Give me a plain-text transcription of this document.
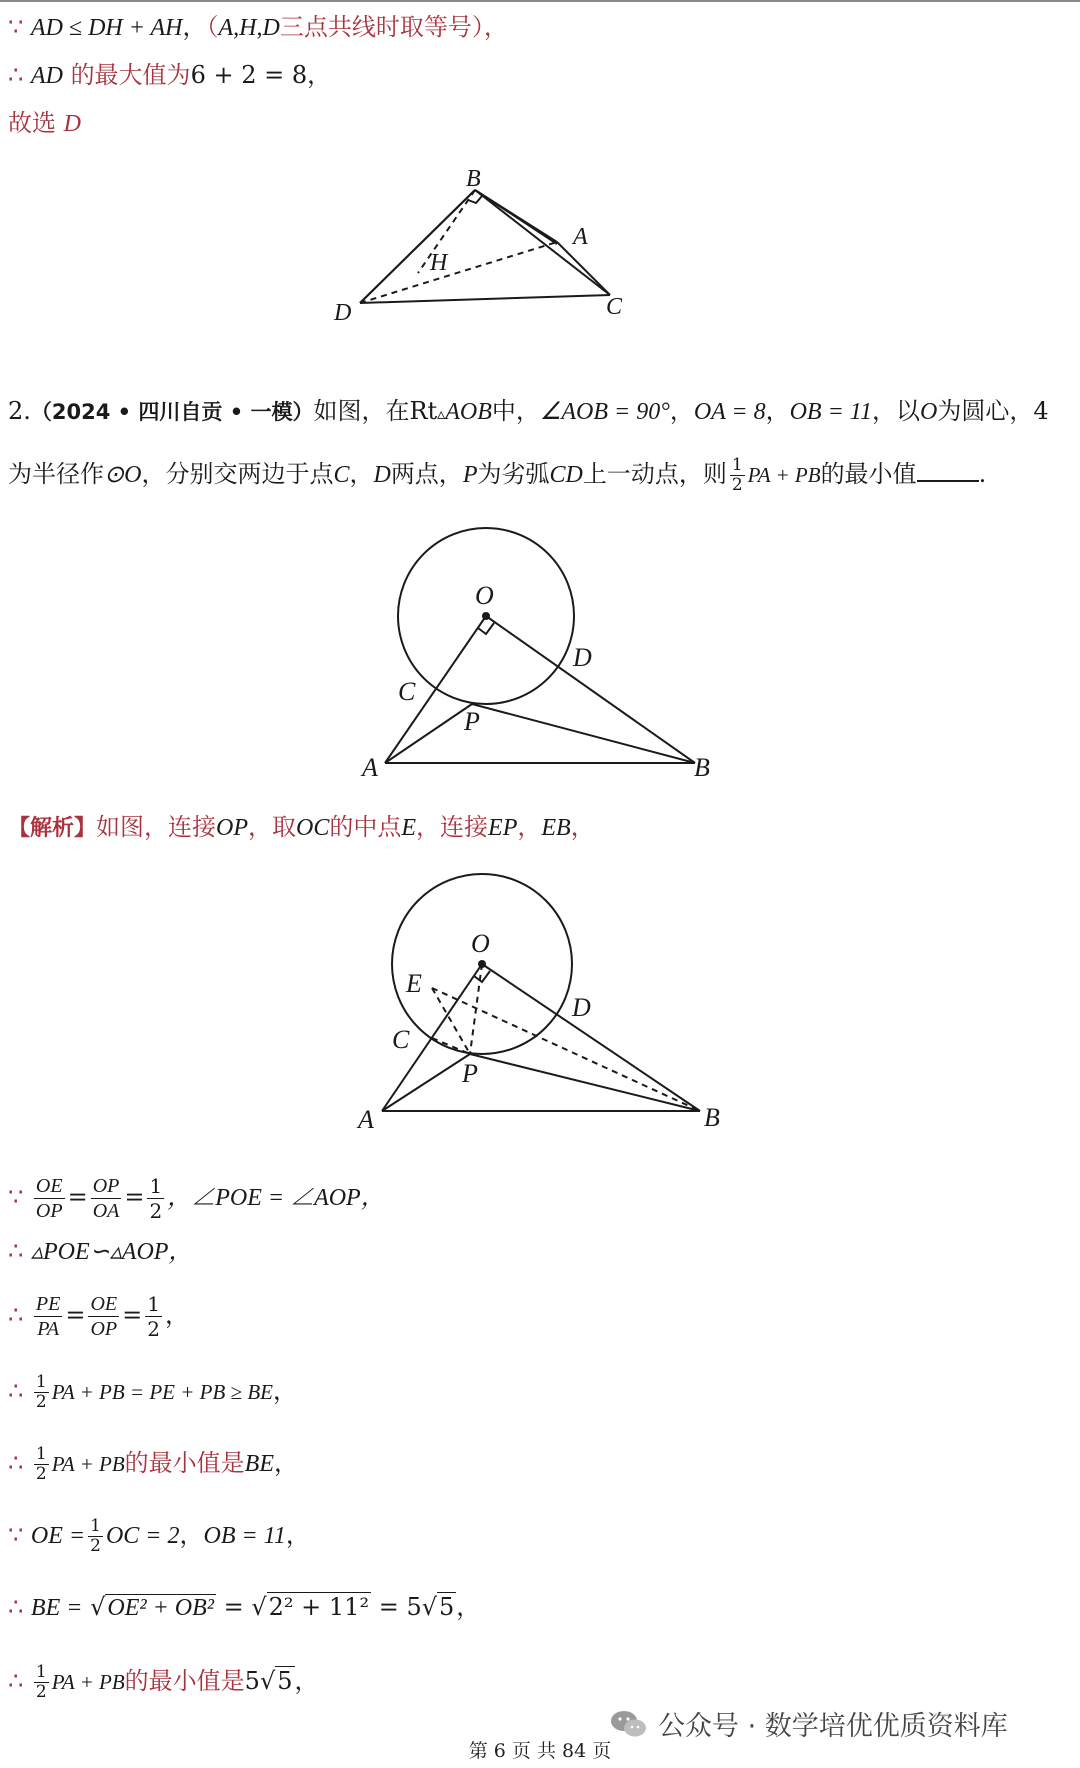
∵ AD ≤ DH + AH，（A,H,D三点共线时取等号），
∴ AD 的最大值为6 + 2 = 8，
故选 D
B
A
H
D	C
2.（2024 • 四川自贡 • 一模）如图，在Rt▵AOB中，∠AOB = 90°，OA = 8，OB = 11，以O为圆心，4
为半径作⊙O，分别交两边于点C，D两点，P为劣弧CD上一动点，则 $\frac{1}{2}$ PA + PB的最小值	.
O
D
C
P
A	B
【解析】如图，连接OP，取OC的中点E，连接EP，EB，
O
E
D
C
P
A	B
∵ $\frac{OE}{OP} = \frac{OP}{OA} = \frac{1}{2}$ ，∠POE = ∠AOP，
∴ ▵POE∽▵AOP，
∴ $\frac{PE}{PA} = \frac{OE}{OP} = \frac{1}{2}$ ，
∴ $\frac{1}{2}$ PA + PB = PE + PB ≥ BE，
∴ $\frac{1}{2}$ PA + PB的最小值是BE，
∵ OE = $\frac{1}{2}$ OC = 2，OB = 11，
∴ BE = √OE² + OB² = √2² + 11² = 5√5，
∴ $\frac{1}{2}$ PA + PB的最小值是5√5，
公众号 · 数学培优优质资料库
第 6 页 共 84 页
